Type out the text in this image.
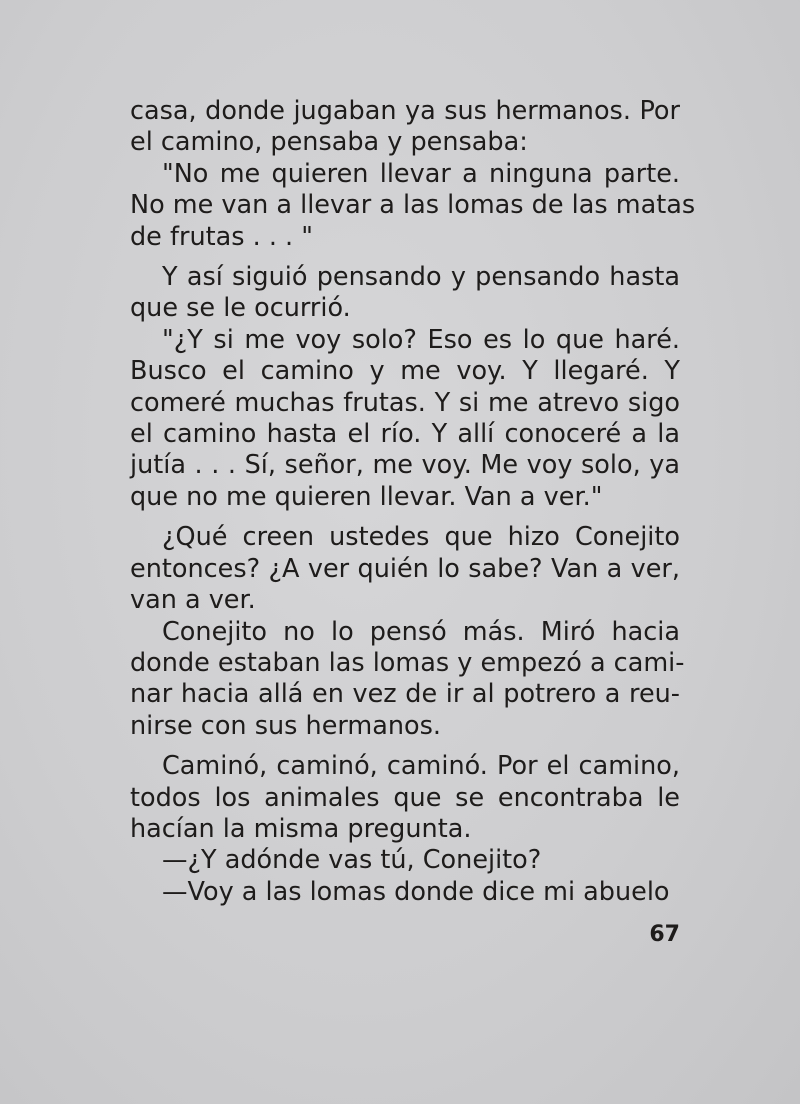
casa, donde jugaban ya sus hermanos. Por
el camino, pensaba y pensaba:

"No me quieren llevar a ninguna parte.
No me van a llevar a las lomas de las matas
de frutas . . . "

Y así siguió pensando y pensando hasta
que se le ocurrió.

"¿Y si me voy solo? Eso es lo que haré.
Busco el camino y me voy. Y llegaré. Y
comeré muchas frutas. Y si me atrevo sigo
el camino hasta el río. Y allí conoceré a la
jutía . . . Sí, señor, me voy. Me voy solo, ya
que no me quieren llevar. Van a ver."

¿Qué creen ustedes que hizo Conejito
entonces? ¿A ver quién lo sabe? Van a ver,
van a ver.

Conejito no lo pensó más. Miró hacia
donde estaban las lomas y empezó a cami-
nar hacia allá en vez de ir al potrero a reu-
nirse con sus hermanos.

Caminó, caminó, caminó. Por el camino,
todos los animales que se encontraba le
hacían la misma pregunta.

—¿Y adónde vas tú, Conejito?

—Voy a las lomas donde dice mi abuelo

67
